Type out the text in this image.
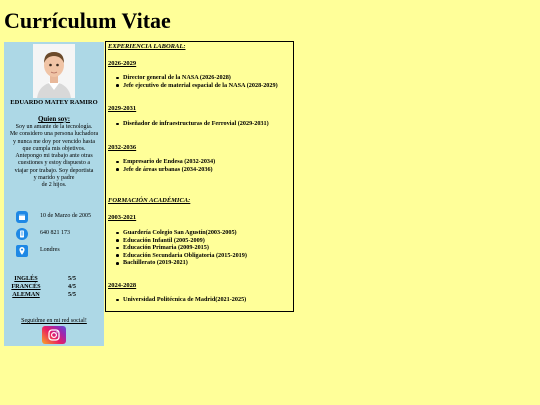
Currículum Vitae
EDUARDO MATEY RAMIRO
Quien soy:
Soy un amante de la tecnología.
Me considero una persona luchadora
y nunca me doy por vencido hasta
que cumpla mis objetivos.
Antepongo mi trabajo ante otras
cuestiones y estoy dispuesto a
viajar por trabajo. Soy deportista
y marido y padre
de 2 hijos.
10 de Marzo de 2005
640 821 173
Londres
INGLÉS	5/5
FRANCÉS	4/5
ALEMAN	5/5
Seguidme en mi red social!
EXPERIENCIA LABORAL:
2026-2029
Director general de la NASA (2026-2028)
Jefe ejecutivo de material espacial de la NASA (2028-2029)
2029-2031
Diseñador de infraestructuras de Ferrovial (2029-2031)
2032-2036
Empresario de Endesa (2032-2034)
Jefe de áreas urbanas (2034-2036)
FORMACIÓN ACADÉMICA:
2003-2021
Guardería Colegio San Agustín(2003-2005)
Educación Infantil (2005-2009)
Educación Primaria (2009-2015)
Educación Secundaria Obligatoria (2015-2019)
Bachillerato (2019-2021)
2024-2028
Universidad Politécnica de Madrid(2021-2025)
